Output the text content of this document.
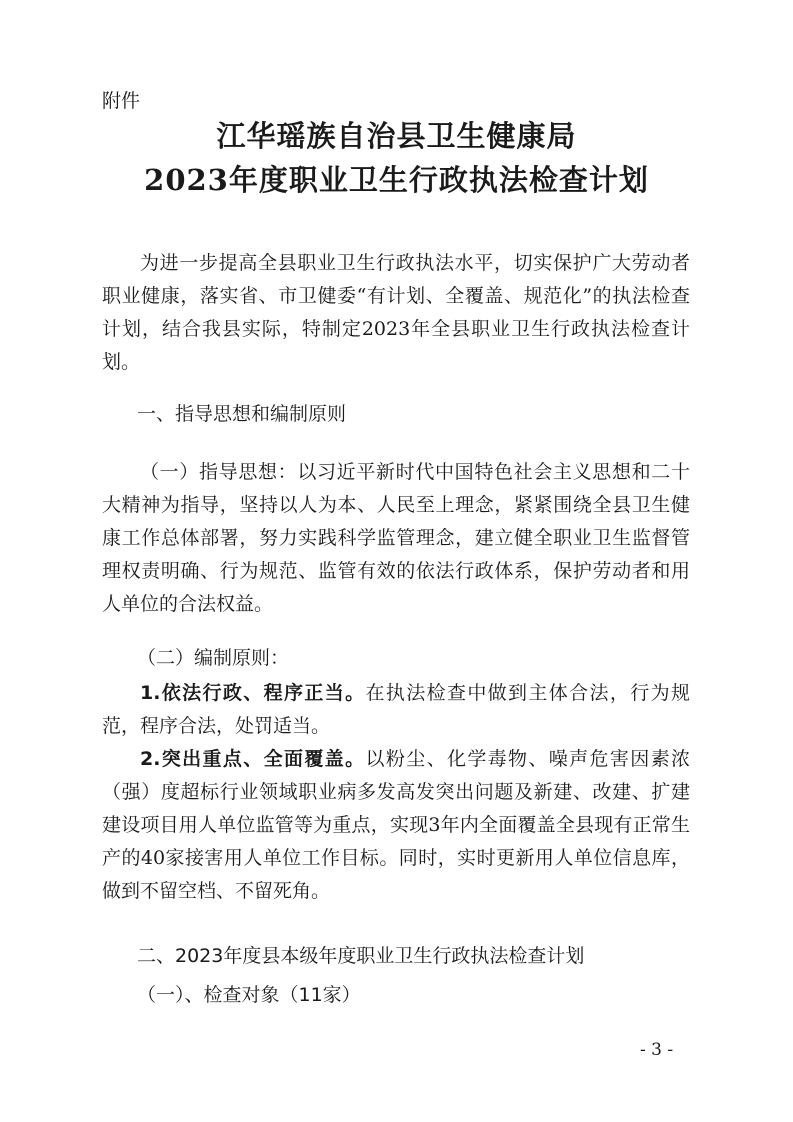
附件
江华瑶族自治县卫生健康局
2023年度职业卫生行政执法检查计划

为进一步提高全县职业卫生行政执法水平，切实保护广大劳动者职业健康，落实省、市卫健委“有计划、全覆盖、规范化”的执法检查计划，结合我县实际，特制定2023年全县职业卫生行政执法检查计划。

一、指导思想和编制原则

（一）指导思想：以习近平新时代中国特色社会主义思想和二十大精神为指导，坚持以人为本、人民至上理念，紧紧围绕全县卫生健康工作总体部署，努力实践科学监管理念，建立健全职业卫生监督管理权责明确、行为规范、监管有效的依法行政体系，保护劳动者和用人单位的合法权益。

（二）编制原则：

1.依法行政、程序正当。在执法检查中做到主体合法，行为规范，程序合法，处罚适当。

2.突出重点、全面覆盖。以粉尘、化学毒物、噪声危害因素浓（强）度超标行业领域职业病多发高发突出问题及新建、改建、扩建建设项目用人单位监管等为重点，实现3年内全面覆盖全县现有正常生产的40家接害用人单位工作目标。同时，实时更新用人单位信息库，做到不留空档、不留死角。

二、2023年度县本级年度职业卫生行政执法检查计划
（一）、检查对象（11家）
- 3 -
